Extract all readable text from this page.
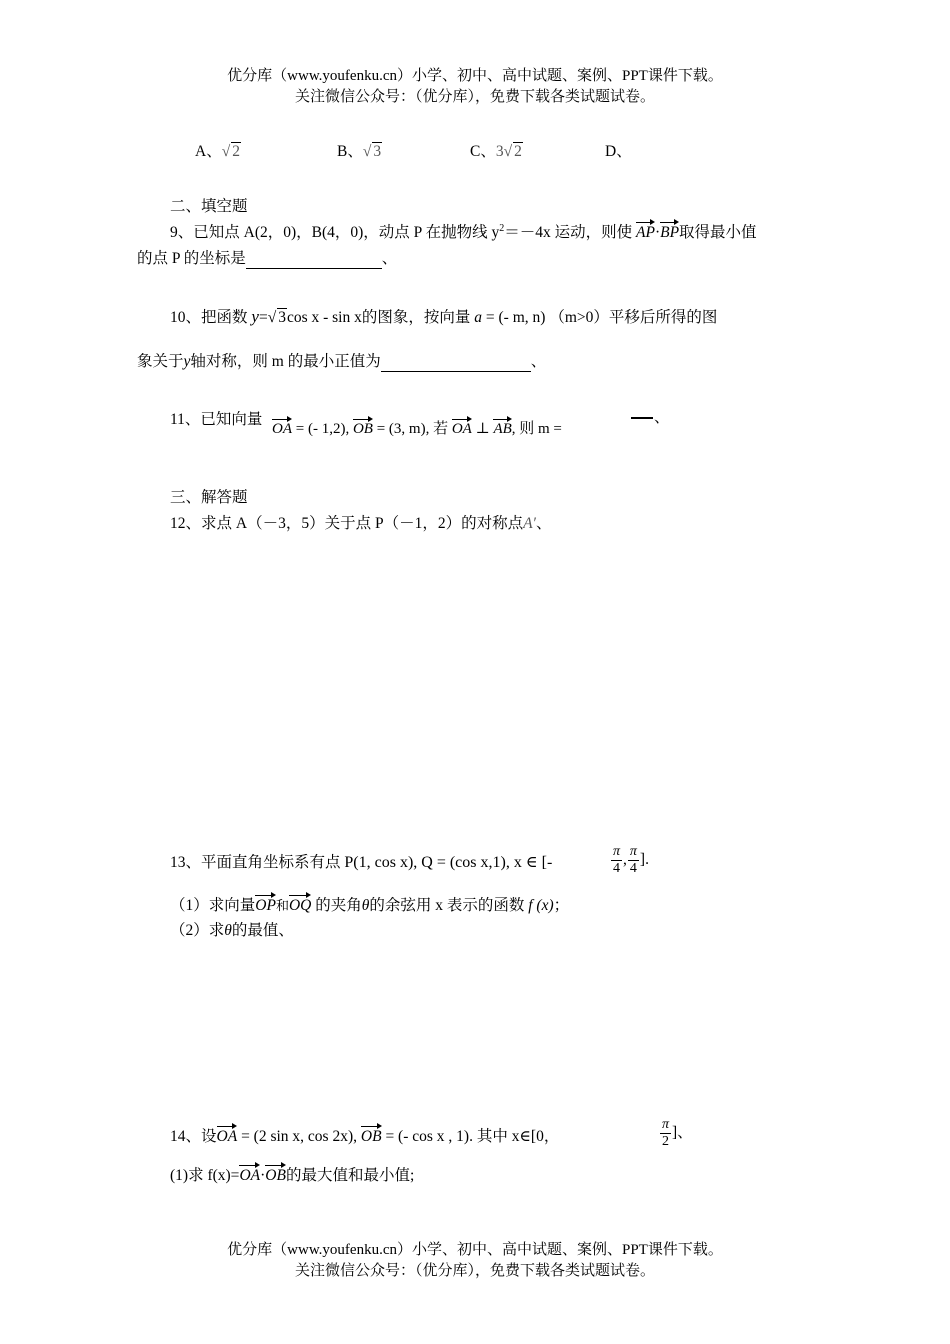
优分库（www.youfenku.cn）小学、初中、高中试题、案例、PPT课件下载。
关注微信公众号：（优分库），免费下载各类试题试卷。
A、√ 2	B、√ 3	C、3√ 2	D、
二、填空题
9、已知点 A(2，0)，B(4，0)，动点 P 在抛物线 $y^2=-4x$ 运动，则使 AP·BP取得最小值
的点 P 的坐标是	、
10、把函数 y=√ 3cos x - sin x的图象，按向量 a = (- m, n) （m>0）平移后所得的图
象关于y轴对称，则 m 的最小正值为	、
11、已知向量
OA = (- 1,2), OB = (3, m), 若 OA ⊥ AB, 则 m =
、
三、解答题
12、求点 A（－3，5）关于点 P（－1，2）的对称点A′、
13、平面直角坐标系有点 P(1, cos x), Q = (cos x,1), x ∈ [-	$\frac{\pi}{4}$ , $\frac{\pi}{4}$ ].
（1）求向量OP和OQ 的夹角θ的余弦用 x 表示的函数 f (x)；
（2）求θ的最值、
14、设OA = (2 sin x, cos 2x), OB = (- cos x , 1). 其中 x∈[0，	$\frac{\pi}{2}$ ]、
(1)求 f(x)=OA·OB的最大值和最小值;
优分库（www.youfenku.cn）小学、初中、高中试题、案例、PPT课件下载。
关注微信公众号：（优分库），免费下载各类试题试卷。
